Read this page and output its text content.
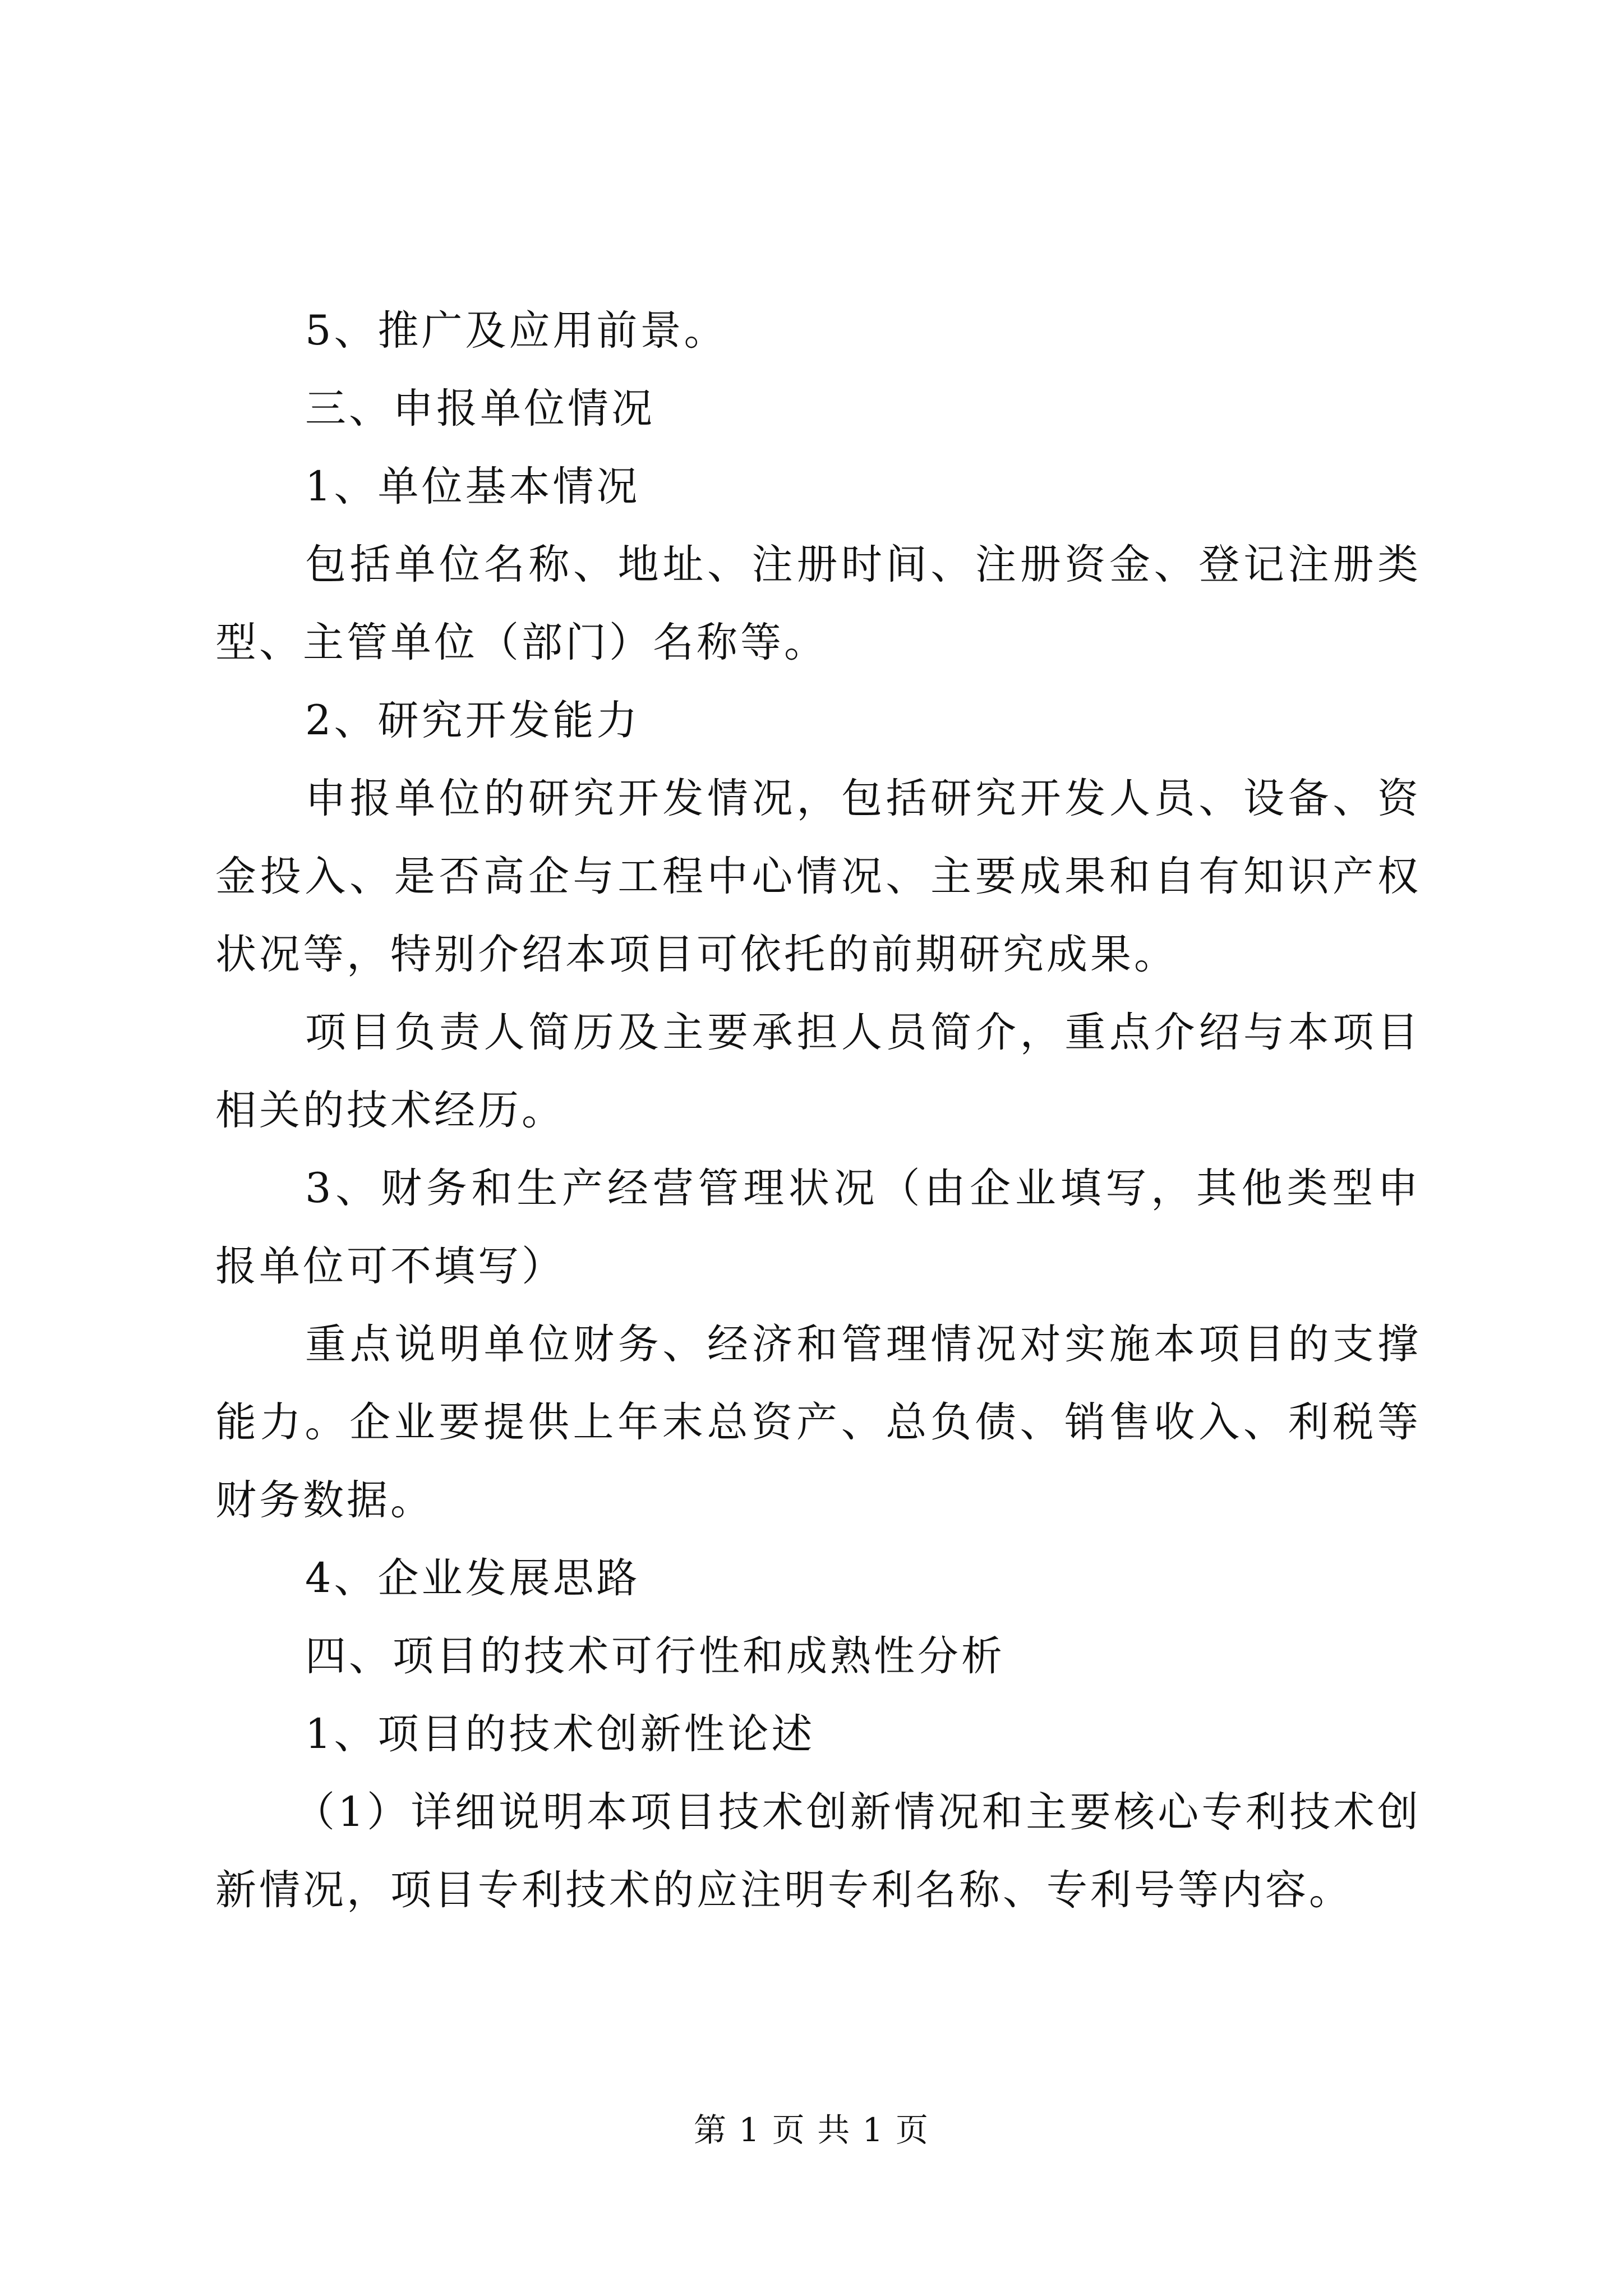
5、推广及应用前景。

三、申报单位情况

1、单位基本情况

包括单位名称、地址、注册时间、注册资金、登记注册类型、主管单位（部门）名称等。

2、研究开发能力

申报单位的研究开发情况，包括研究开发人员、设备、资金投入、是否高企与工程中心情况、主要成果和自有知识产权状况等，特别介绍本项目可依托的前期研究成果。

项目负责人简历及主要承担人员简介，重点介绍与本项目相关的技术经历。

3、财务和生产经营管理状况（由企业填写，其他类型申报单位可不填写）

重点说明单位财务、经济和管理情况对实施本项目的支撑能力。企业要提供上年末总资产、总负债、销售收入、利税等财务数据。

4、企业发展思路

四、项目的技术可行性和成熟性分析

1、项目的技术创新性论述

（1）详细说明本项目技术创新情况和主要核心专利技术创新情况，项目专利技术的应注明专利名称、专利号等内容。

第 1 页 共 1 页
